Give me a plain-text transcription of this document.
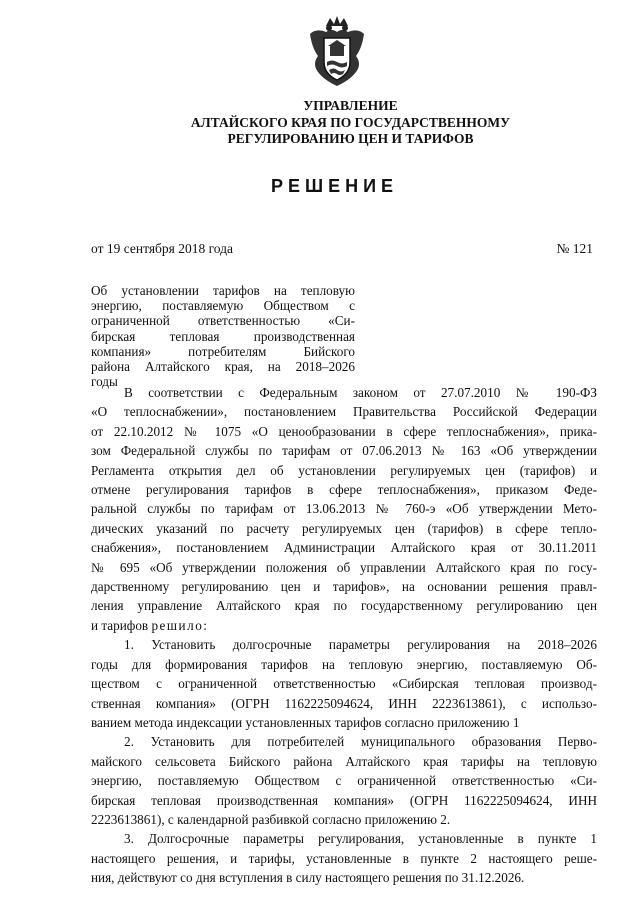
УПРАВЛЕНИЕ
АЛТАЙСКОГО КРАЯ ПО ГОСУДАРСТВЕННОМУ
РЕГУЛИРОВАНИЮ ЦЕН И ТАРИФОВ
РЕШЕНИЕ
от 19 сентября 2018 года	№ 121
Об установлении тарифов на тепловую
энергию, поставляемую Обществом с
ограниченной ответственностью «Си-
бирская тепловая производственная
компания» потребителям Бийского
района Алтайского края, на 2018–2026
годы
В соответствии с Федеральным законом от 27.07.2010 № 190-ФЗ
«О теплоснабжении», постановлением Правительства Российской Федерации
от 22.10.2012 № 1075 «О ценообразовании в сфере теплоснабжения», прика-
зом Федеральной службы по тарифам от 07.06.2013 № 163 «Об утверждении
Регламента открытия дел об установлении регулируемых цен (тарифов) и
отмене регулирования тарифов в сфере теплоснабжения», приказом Феде-
ральной службы по тарифам от 13.06.2013 № 760-э «Об утверждении Мето-
дических указаний по расчету регулируемых цен (тарифов) в сфере тепло-
снабжения», постановлением Администрации Алтайского края от 30.11.2011
№ 695 «Об утверждении положения об управлении Алтайского края по госу-
дарственному регулированию цен и тарифов», на основании решения правл-
ления управление Алтайского края по государственному регулированию цен
и тарифов решило:
1. Установить долгосрочные параметры регулирования на 2018–2026
годы для формирования тарифов на тепловую энергию, поставляемую Об-
ществом с ограниченной ответственностью «Сибирская тепловая производ-
ственная компания» (ОГРН 1162225094624, ИНН 2223613861), с использо-
ванием метода индексации установленных тарифов согласно приложению 1
2. Установить для потребителей муниципального образования Перво-
майского сельсовета Бийского района Алтайского края тарифы на тепловую
энергию, поставляемую Обществом с ограниченной ответственностью «Си-
бирская тепловая производственная компания» (ОГРН 1162225094624, ИНН
2223613861), с календарной разбивкой согласно приложению 2.
3. Долгосрочные параметры регулирования, установленные в пункте 1
настоящего решения, и тарифы, установленные в пункте 2 настоящего реше-
ния, действуют со дня вступления в силу настоящего решения по 31.12.2026.
